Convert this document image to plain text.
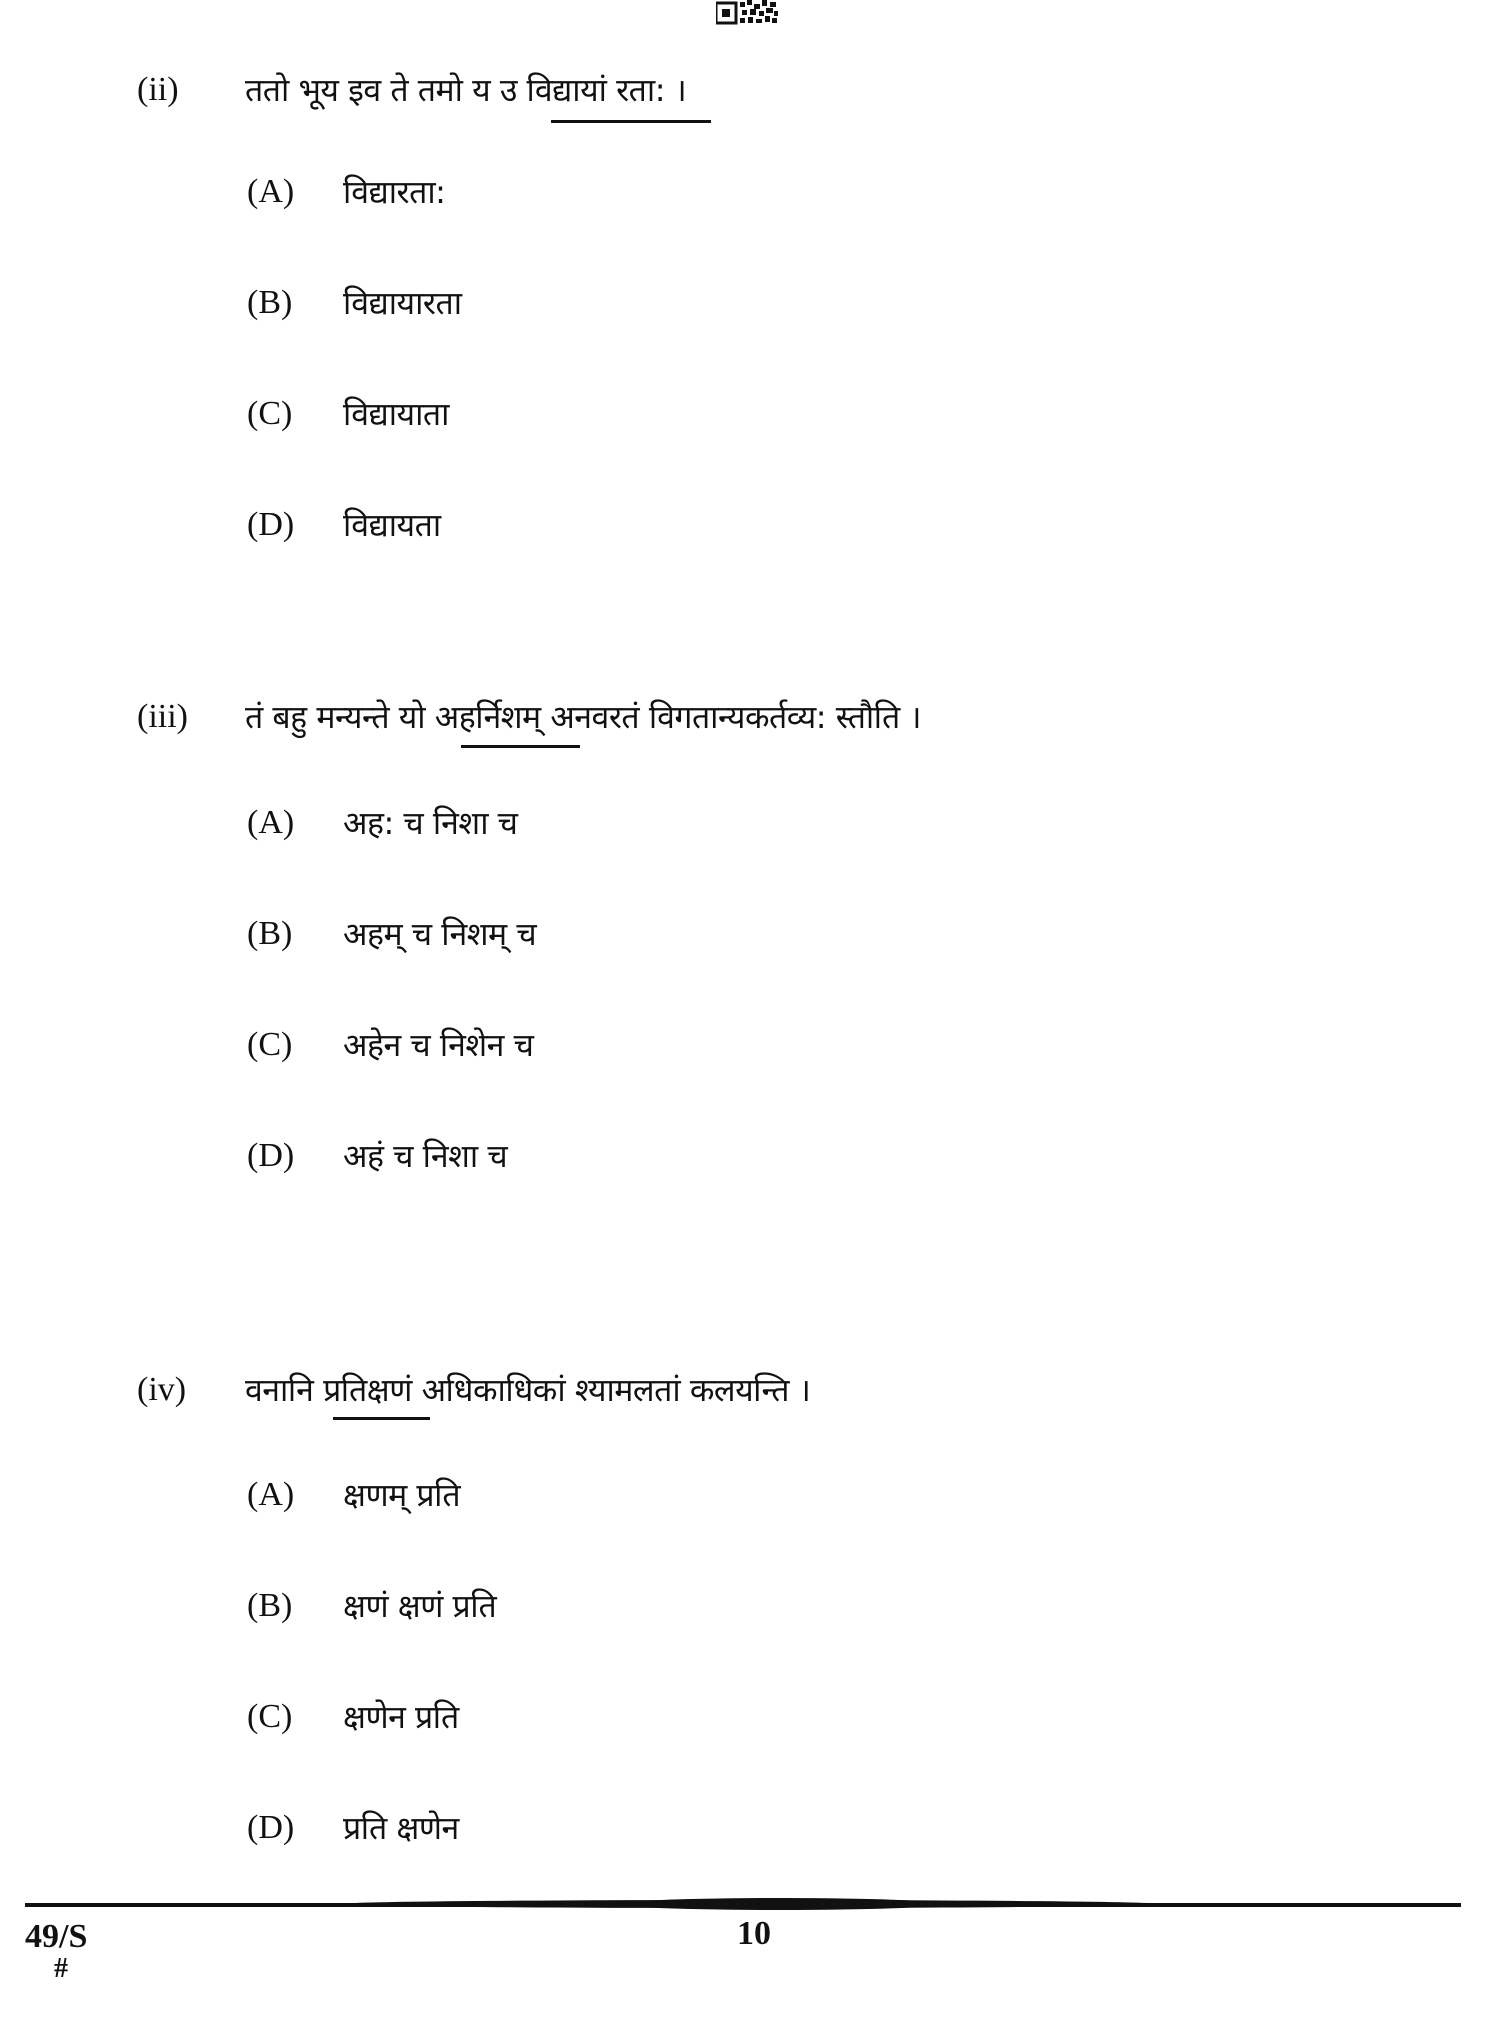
(ii) ततो भूय इव ते तमो य उ विद्यायां रता: ।
(A) विद्यारता:
(B) विद्यायारता
(C) विद्यायाता
(D) विद्यायता
(iii) तं बहु मन्यन्ते यो अहर्निशम् अनवरतं विगतान्यकर्तव्य: स्तौति ।
(A) अह: च निशा च
(B) अहम् च निशम् च
(C) अहेन च निशेन च
(D) अहं च निशा च
(iv) वनानि प्रतिक्षणं अधिकाधिकां श्यामलतां कलयन्ति ।
(A) क्षणम् प्रति
(B) क्षणं क्षणं प्रति
(C) क्षणेन प्रति
(D) प्रति क्षणेन
49/S
#
10
